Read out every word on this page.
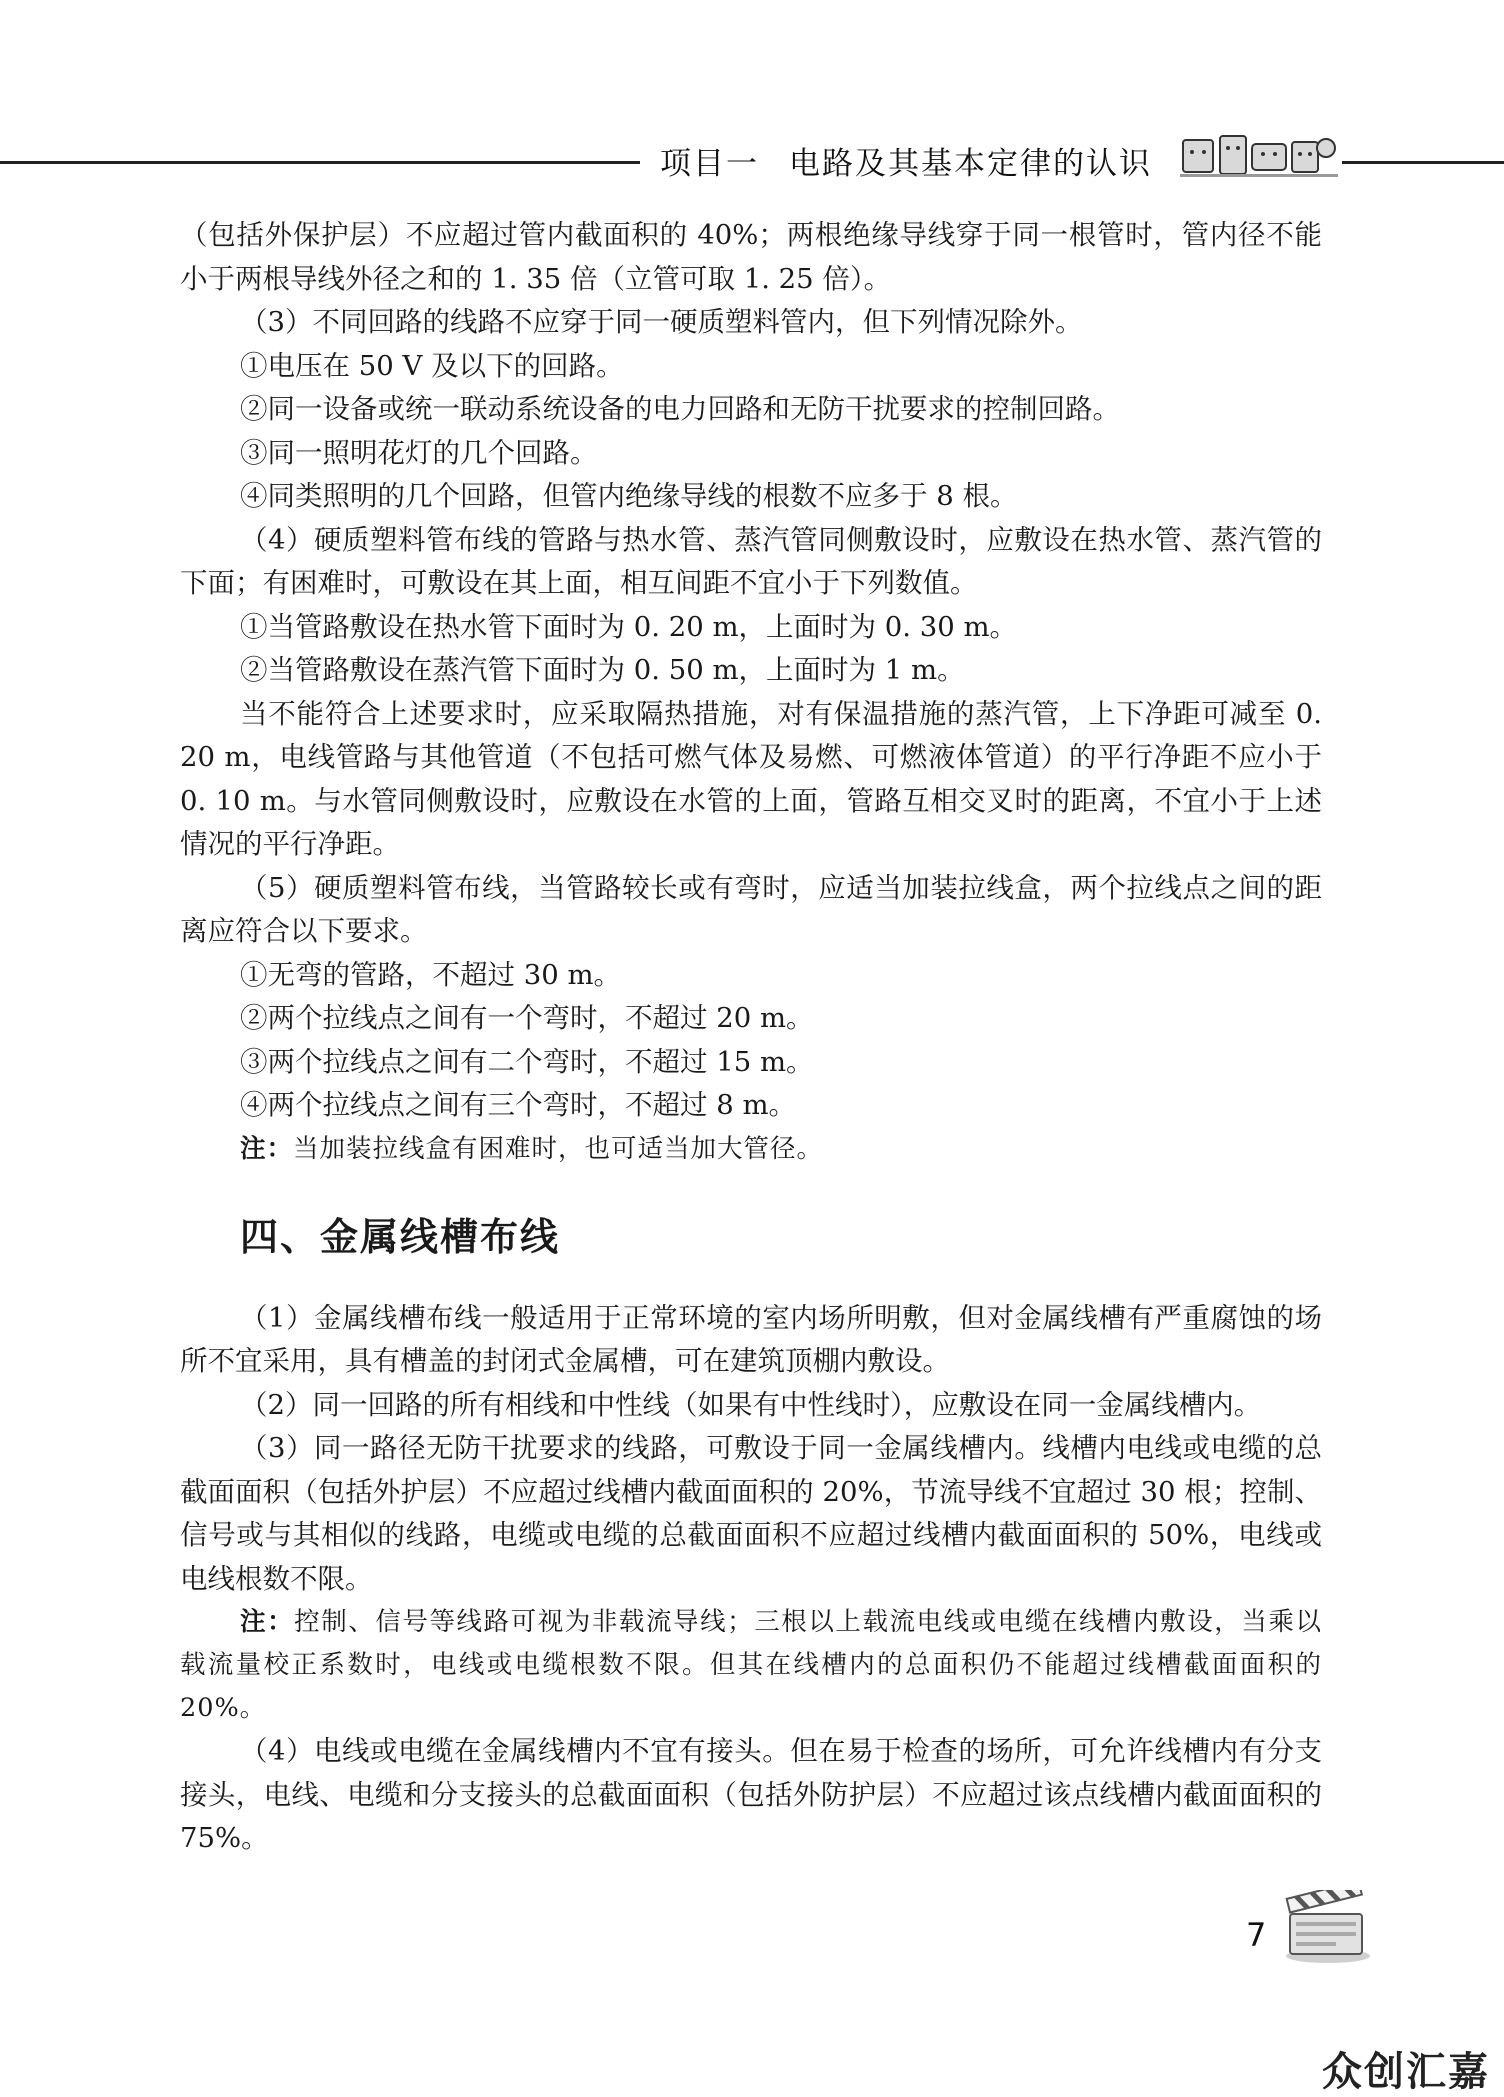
项目一 电路及其基本定律的认识

（包括外保护层）不应超过管内截面积的 40%；两根绝缘导线穿于同一根管时，管内径不能小于两根导线外径之和的 1. 35 倍（立管可取 1. 25 倍）。

（3）不同回路的线路不应穿于同一硬质塑料管内，但下列情况除外。

①电压在 50 V 及以下的回路。

②同一设备或统一联动系统设备的电力回路和无防干扰要求的控制回路。

③同一照明花灯的几个回路。

④同类照明的几个回路，但管内绝缘导线的根数不应多于 8 根。

（4）硬质塑料管布线的管路与热水管、蒸汽管同侧敷设时，应敷设在热水管、蒸汽管的下面；有困难时，可敷设在其上面，相互间距不宜小于下列数值。

①当管路敷设在热水管下面时为 0. 20 m，上面时为 0. 30 m。

②当管路敷设在蒸汽管下面时为 0. 50 m，上面时为 1 m。

当不能符合上述要求时，应采取隔热措施，对有保温措施的蒸汽管，上下净距可减至 0. 20 m，电线管路与其他管道（不包括可燃气体及易燃、可燃液体管道）的平行净距不应小于 0. 10 m。与水管同侧敷设时，应敷设在水管的上面，管路互相交叉时的距离，不宜小于上述情况的平行净距。

（5）硬质塑料管布线，当管路较长或有弯时，应适当加装拉线盒，两个拉线点之间的距离应符合以下要求。

①无弯的管路，不超过 30 m。

②两个拉线点之间有一个弯时，不超过 20 m。

③两个拉线点之间有二个弯时，不超过 15 m。

④两个拉线点之间有三个弯时，不超过 8 m。

注：当加装拉线盒有困难时，也可适当加大管径。

四、金属线槽布线

（1）金属线槽布线一般适用于正常环境的室内场所明敷，但对金属线槽有严重腐蚀的场所不宜采用，具有槽盖的封闭式金属槽，可在建筑顶棚内敷设。

（2）同一回路的所有相线和中性线（如果有中性线时），应敷设在同一金属线槽内。

（3）同一路径无防干扰要求的线路，可敷设于同一金属线槽内。线槽内电线或电缆的总截面面积（包括外护层）不应超过线槽内截面面积的 20%，节流导线不宜超过 30 根；控制、信号或与其相似的线路，电缆或电缆的总截面面积不应超过线槽内截面面积的 50%，电线或电线根数不限。

注：控制、信号等线路可视为非载流导线；三根以上载流电线或电缆在线槽内敷设，当乘以载流量校正系数时，电线或电缆根数不限。但其在线槽内的总面积仍不能超过线槽截面面积的 20%。

（4）电线或电缆在金属线槽内不宜有接头。但在易于检查的场所，可允许线槽内有分支接头，电线、电缆和分支接头的总截面面积（包括外防护层）不应超过该点线槽内截面面积的 75%。

7
众创汇嘉
